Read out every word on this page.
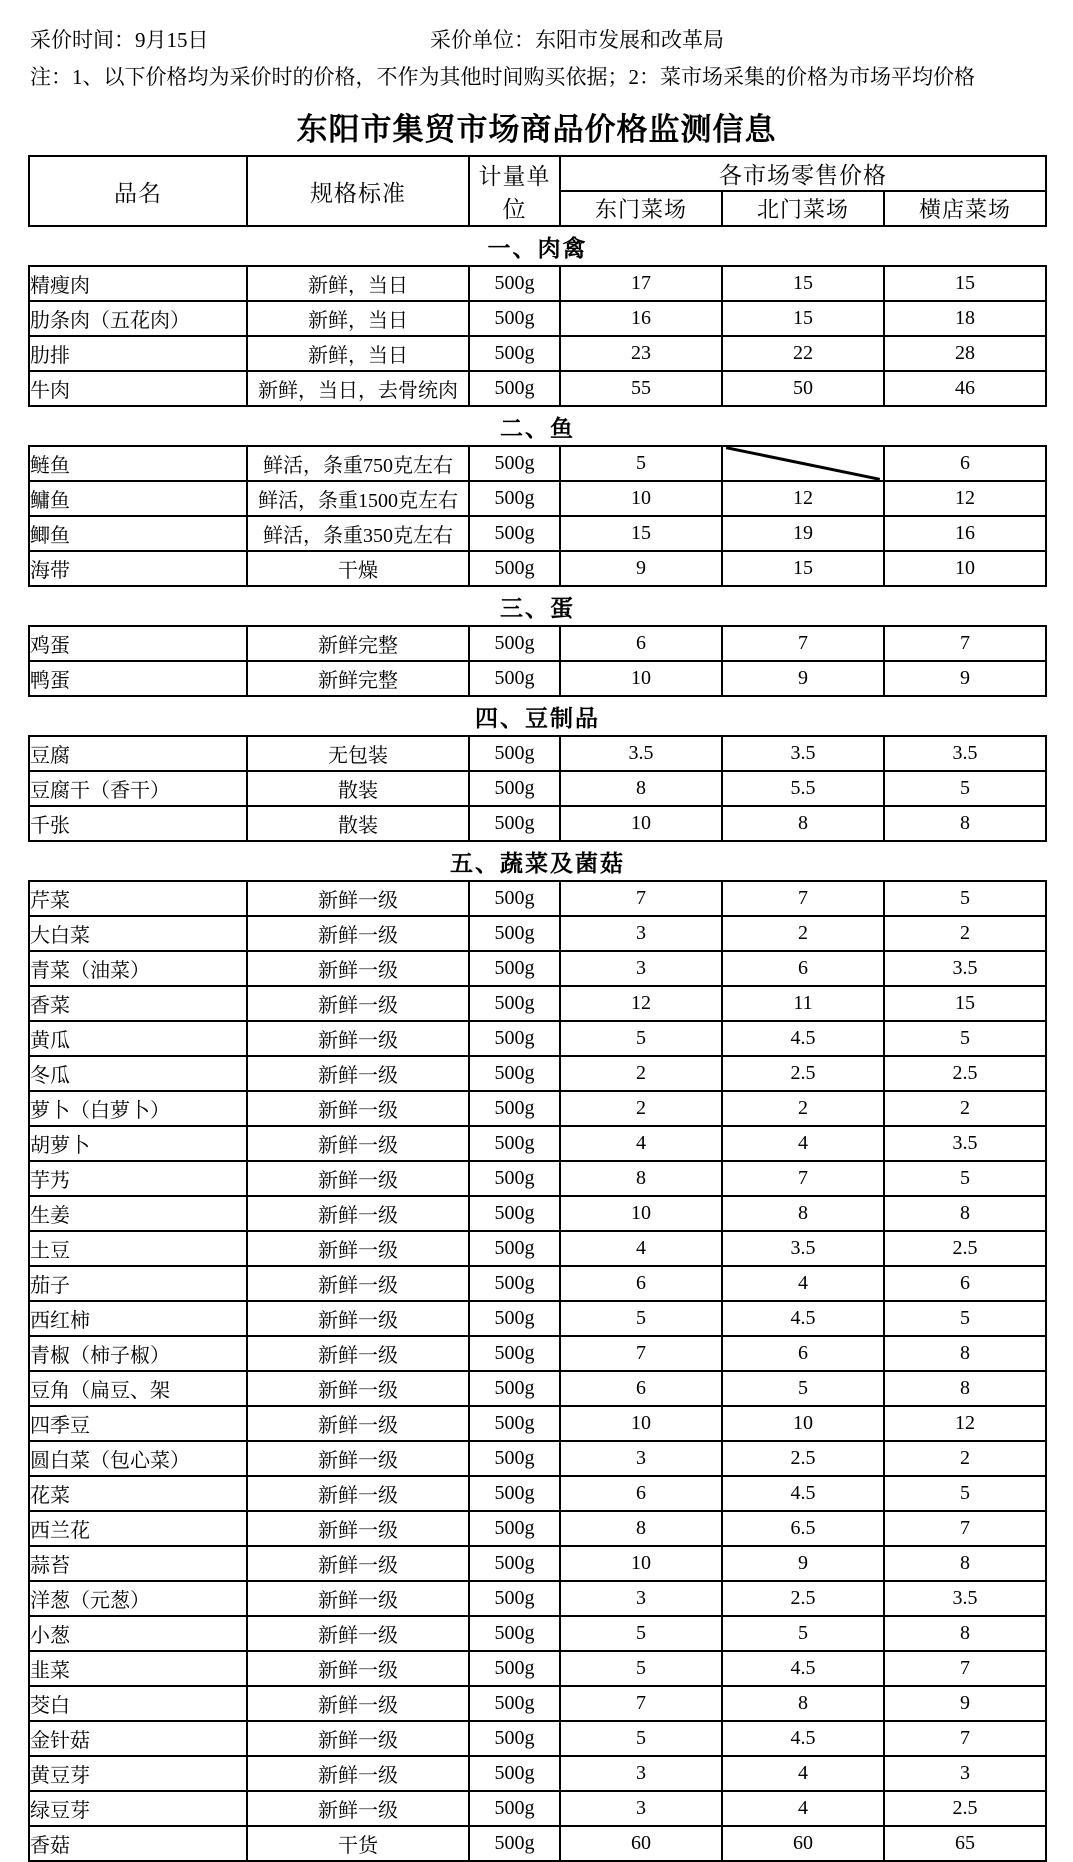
采价时间：9月15日	采价单位：东阳市发展和改革局
注：1、以下价格均为采价时的价格，不作为其他时间购买依据；2：菜市场采集的价格为市场平均价格
东阳市集贸市场商品价格监测信息
品名	规格标准	计量单位	各市场零售价格		
			东门菜场	北门菜场	横店菜场
一、肉禽					
精瘦肉	新鲜，当日	500g	17	15	15
肋条肉（五花肉）	新鲜，当日	500g	16	15	18
肋排	新鲜，当日	500g	23	22	28
牛肉	新鲜，当日，去骨统肉	500g	55	50	46
二、鱼					
鲢鱼	鲜活，条重750克左右	500g	5		6
鳙鱼	鲜活，条重1500克左右	500g	10	12	12
鲫鱼	鲜活，条重350克左右	500g	15	19	16
海带	干燥	500g	9	15	10
三、蛋					
鸡蛋	新鲜完整	500g	6	7	7
鸭蛋	新鲜完整	500g	10	9	9
四、豆制品					
豆腐	无包装	500g	3.5	3.5	3.5
豆腐干（香干）	散装	500g	8	5.5	5
千张	散装	500g	10	8	8
五、蔬菜及菌菇					
芹菜	新鲜一级	500g	7	7	5
大白菜	新鲜一级	500g	3	2	2
青菜（油菜）	新鲜一级	500g	3	6	3.5
香菜	新鲜一级	500g	12	11	15
黄瓜	新鲜一级	500g	5	4.5	5
冬瓜	新鲜一级	500g	2	2.5	2.5
萝卜（白萝卜）	新鲜一级	500g	2	2	2
胡萝卜	新鲜一级	500g	4	4	3.5
芋艿	新鲜一级	500g	8	7	5
生姜	新鲜一级	500g	10	8	8
土豆	新鲜一级	500g	4	3.5	2.5
茄子	新鲜一级	500g	6	4	6
西红柿	新鲜一级	500g	5	4.5	5
青椒（柿子椒）	新鲜一级	500g	7	6	8
豆角（扁豆、架	新鲜一级	500g	6	5	8
四季豆	新鲜一级	500g	10	10	12
圆白菜（包心菜）	新鲜一级	500g	3	2.5	2
花菜	新鲜一级	500g	6	4.5	5
西兰花	新鲜一级	500g	8	6.5	7
蒜苔	新鲜一级	500g	10	9	8
洋葱（元葱）	新鲜一级	500g	3	2.5	3.5
小葱	新鲜一级	500g	5	5	8
韭菜	新鲜一级	500g	5	4.5	7
茭白	新鲜一级	500g	7	8	9
金针菇	新鲜一级	500g	5	4.5	7
黄豆芽	新鲜一级	500g	3	4	3
绿豆芽	新鲜一级	500g	3	4	2.5
香菇	干货	500g	60	60	65
